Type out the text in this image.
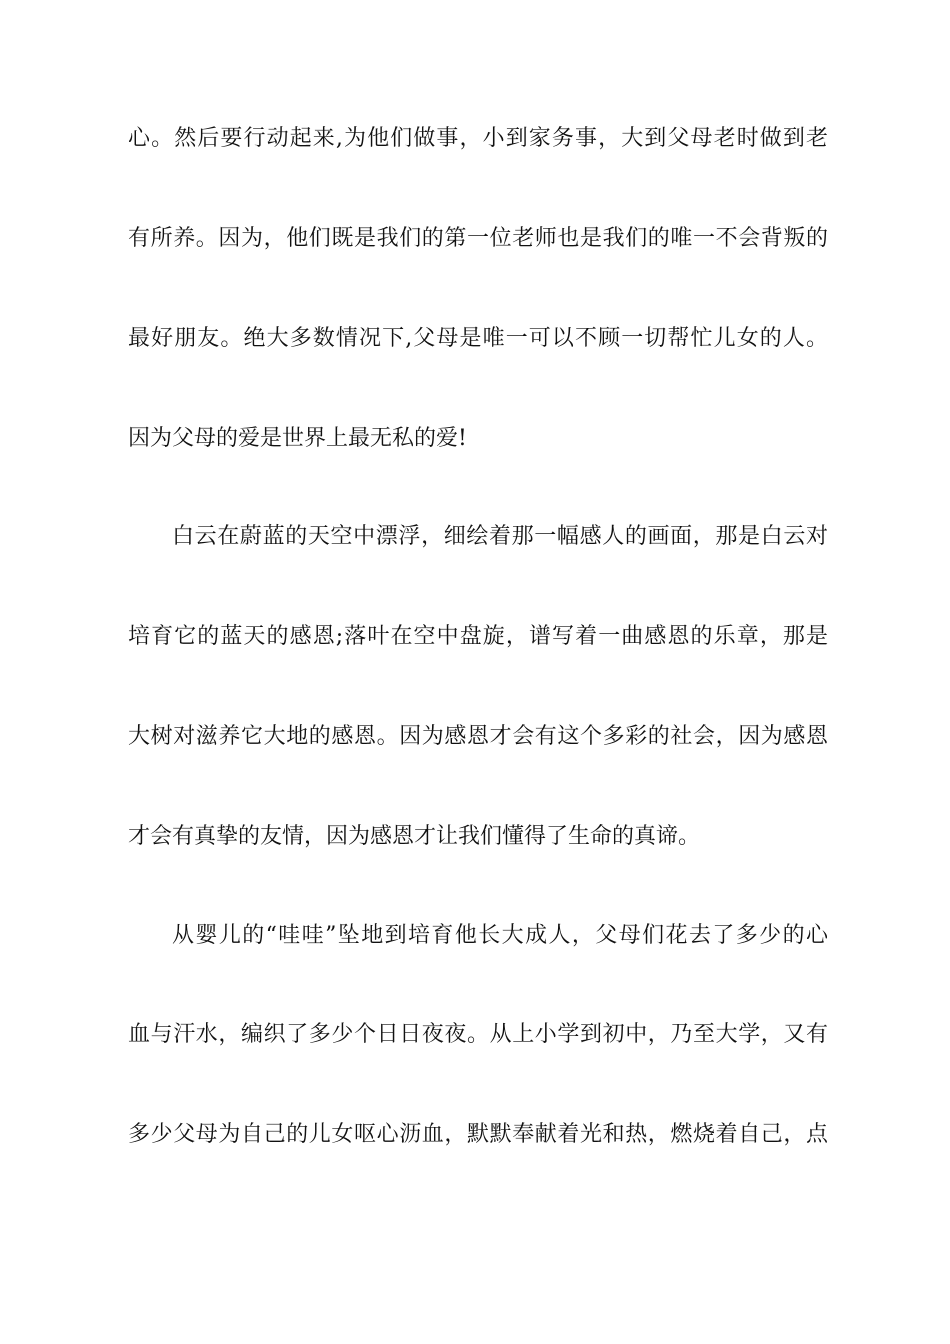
心。然后要行动起来,为他们做事，小到家务事，大到父母老时做到老
有所养。因为，他们既是我们的第一位老师也是我们的唯一不会背叛的
最好朋友。绝大多数情况下,父母是唯一可以不顾一切帮忙儿女的人。
因为父母的爱是世界上最无私的爱!
白云在蔚蓝的天空中漂浮，细绘着那一幅感人的画面，那是白云对
培育它的蓝天的感恩;落叶在空中盘旋，谱写着一曲感恩的乐章，那是
大树对滋养它大地的感恩。因为感恩才会有这个多彩的社会，因为感恩
才会有真挚的友情，因为感恩才让我们懂得了生命的真谛。
从婴儿的“哇哇”坠地到培育他长大成人，父母们花去了多少的心
血与汗水，编织了多少个日日夜夜。从上小学到初中，乃至大学，又有
多少父母为自己的儿女呕心沥血，默默奉献着光和热，燃烧着自己，点
